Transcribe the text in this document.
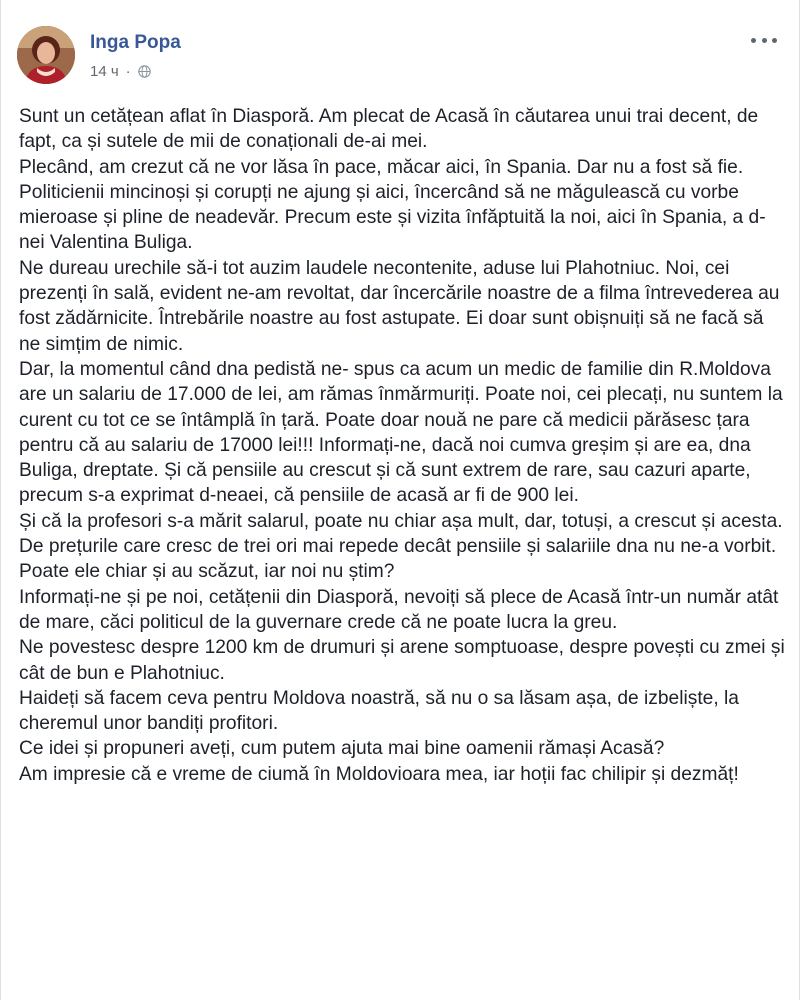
Inga Popa
14 ч ·

Sunt un cetățean aflat în Diasporă. Am plecat de Acasă în căutarea unui trai decent, de fapt, ca și sutele de mii de conaționali de-ai mei.

Plecând, am crezut că ne vor lăsa în pace, măcar aici, în Spania. Dar nu a fost să fie. Politicienii mincinoși și corupți ne ajung și aici, încercând să ne măgulească cu vorbe mieroase și pline de neadevăr. Precum este și vizita înfăptuită la noi, aici în Spania, a d-nei Valentina Buliga.

Ne dureau urechile să-i tot auzim laudele necontenite, aduse lui Plahotniuc. Noi, cei prezenți în sală, evident ne-am revoltat, dar încercările noastre de a filma întrevederea au fost zădărnicite. Întrebările noastre au fost astupate. Ei doar sunt obișnuiți să ne facă să ne simțim de nimic.

Dar, la momentul când dna pedistă ne- spus ca acum un medic de familie din R.Moldova are un salariu de 17.000 de lei, am rămas înmărmuriți. Poate noi, cei plecați, nu suntem la curent cu tot ce se întâmplă în țară. Poate doar nouă ne pare că medicii părăsesc țara pentru că au salariu de 17000 lei!!! Informați-ne, dacă noi cumva greșim și are ea, dna Buliga, dreptate. Și că pensiile au crescut și că sunt extrem de rare, sau cazuri aparte, precum s-a exprimat d-neaei, că pensiile de acasă ar fi de 900 lei.

Și că la profesori s-a mărit salarul, poate nu chiar așa mult, dar, totuși, a crescut și acesta.

De prețurile care cresc de trei ori mai repede decât pensiile și salariile dna nu ne-a vorbit. Poate ele chiar și au scăzut, iar noi nu știm?

Informați-ne și pe noi, cetățenii din Diasporă, nevoiți să plece de Acasă într-un număr atât de mare, căci politicul de la guvernare crede că ne poate lucra la greu.

Ne povestesc despre 1200 km de drumuri și arene somptuoase, despre povești cu zmei și cât de bun e Plahotniuc.

Haideți să facem ceva pentru Moldova noastră, să nu o sa lăsam așa, de izbeliște, la cheremul unor bandiți profitori.

Ce idei și propuneri aveți, cum putem ajuta mai bine oamenii rămași Acasă?

Am impresie că e vreme de ciumă în Moldovioara mea, iar hoții fac chilipir și dezmăț!
